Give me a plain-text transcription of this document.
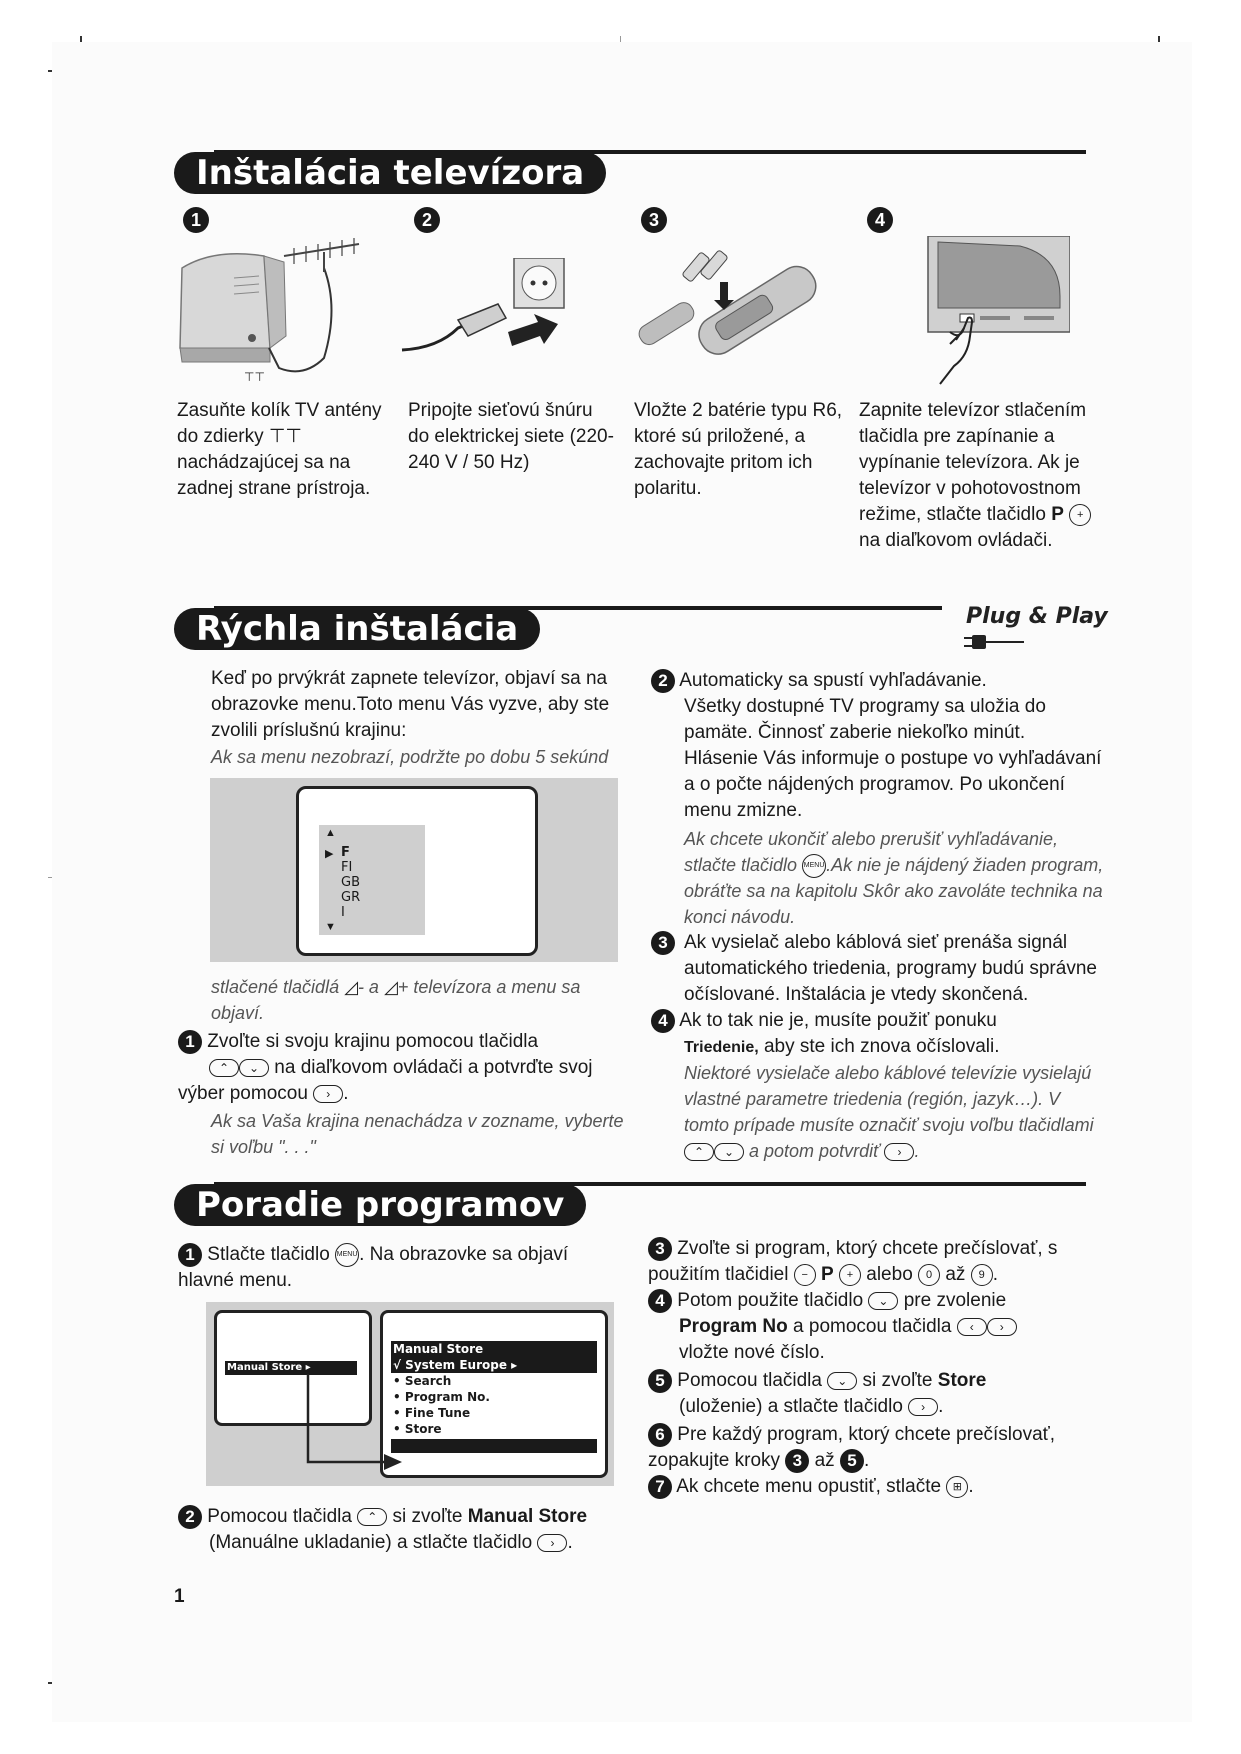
Inštalácia televízora
1	2	3	4
⊤⊤
Zasuňte kolík TV antény do zdierky ⊤⊤ nachádzajúcej sa na zadnej strane prístroja.
Pripojte sieťovú šnúru do elektrickej siete (220-240 V / 50 Hz)
Vložte 2 batérie typu R6, ktoré sú priložené, a zachovajte pritom ich polaritu.
Zapnite televízor stlačením tlačidla pre zapínanie a vypínanie televízora. Ak je televízor v pohotovostnom režime, stlačte tlačidlo P + na diaľkovom ovládači.
Rýchla inštalácia	Plug & Play
Keď po prvýkrát zapnete televízor, objaví sa na obrazovke menu.Toto menu Vás vyzve, aby ste zvolili príslušnú krajinu:
Ak sa menu nezobrazí, podržte po dobu 5 sekúnd
▲
▶
▼
F
FI
GB
GR
I
stlačené tlačidlá ◿- a ◿+ televízora a menu sa objaví.
1 Zvoľte si svoju krajinu pomocou tlačidla
⌃ ⌄ na diaľkovom ovládači a potvrďte svoj výber pomocou › .
Ak sa Vaša krajina nenachádza v zozname, vyberte si voľbu ". . ."
2 Automaticky sa spustí vyhľadávanie.
Všetky dostupné TV programy sa uložia do pamäte. Činnosť zaberie niekoľko minút. Hlásenie Vás informuje o postupe vo vyhľadávaní a o počte nájdených programov. Po ukončení menu zmizne.
Ak chcete ukončiť alebo prerušiť vyhľadávanie, stlačte tlačidlo MENU.Ak nie je nájdený žiaden program, obráťte sa na kapitolu Skôr ako zavoláte technika na konci návodu.
3 Ak vysielač alebo káblová sieť prenáša signál automatického triedenia, programy budú správne očíslované. Inštalácia je vtedy skončená.
4 Ak to tak nie je, musíte použiť ponuku
Triedenie, aby ste ich znova očíslovali.
Niektoré vysielače alebo káblové televízie vysielajú vlastné parametre triedenia (región, jazyk…). V tomto prípade musíte označiť svoju voľbu tlačidlami ⌃ ⌄ a potom potvrdiť › .
Poradie programov
1 Stlačte tlačidlo MENU. Na obrazovke sa objaví hlavné menu.
Manual Store ▸
Manual Store
√ System Europe ▸
• Search
• Program No.
• Fine Tune
• Store
2 Pomocou tlačidla ⌃ si zvoľte Manual Store
(Manuálne ukladanie) a stlačte tlačidlo › .
3 Zvoľte si program, ktorý chcete prečíslovať, s použitím tlačidiel − P + alebo 0 až 9 .
4 Potom použite tlačidlo ⌄ pre zvolenie
Program No a pomocou tlačidla ‹ ›
vložte nové číslo.
5 Pomocou tlačidla ⌄ si zvoľte Store
(uloženie) a stlačte tlačidlo › .
6 Pre každý program, ktorý chcete prečíslovať, zopakujte kroky 3 až 5 .
7 Ak chcete menu opustiť, stlačte ⊞ .
1
